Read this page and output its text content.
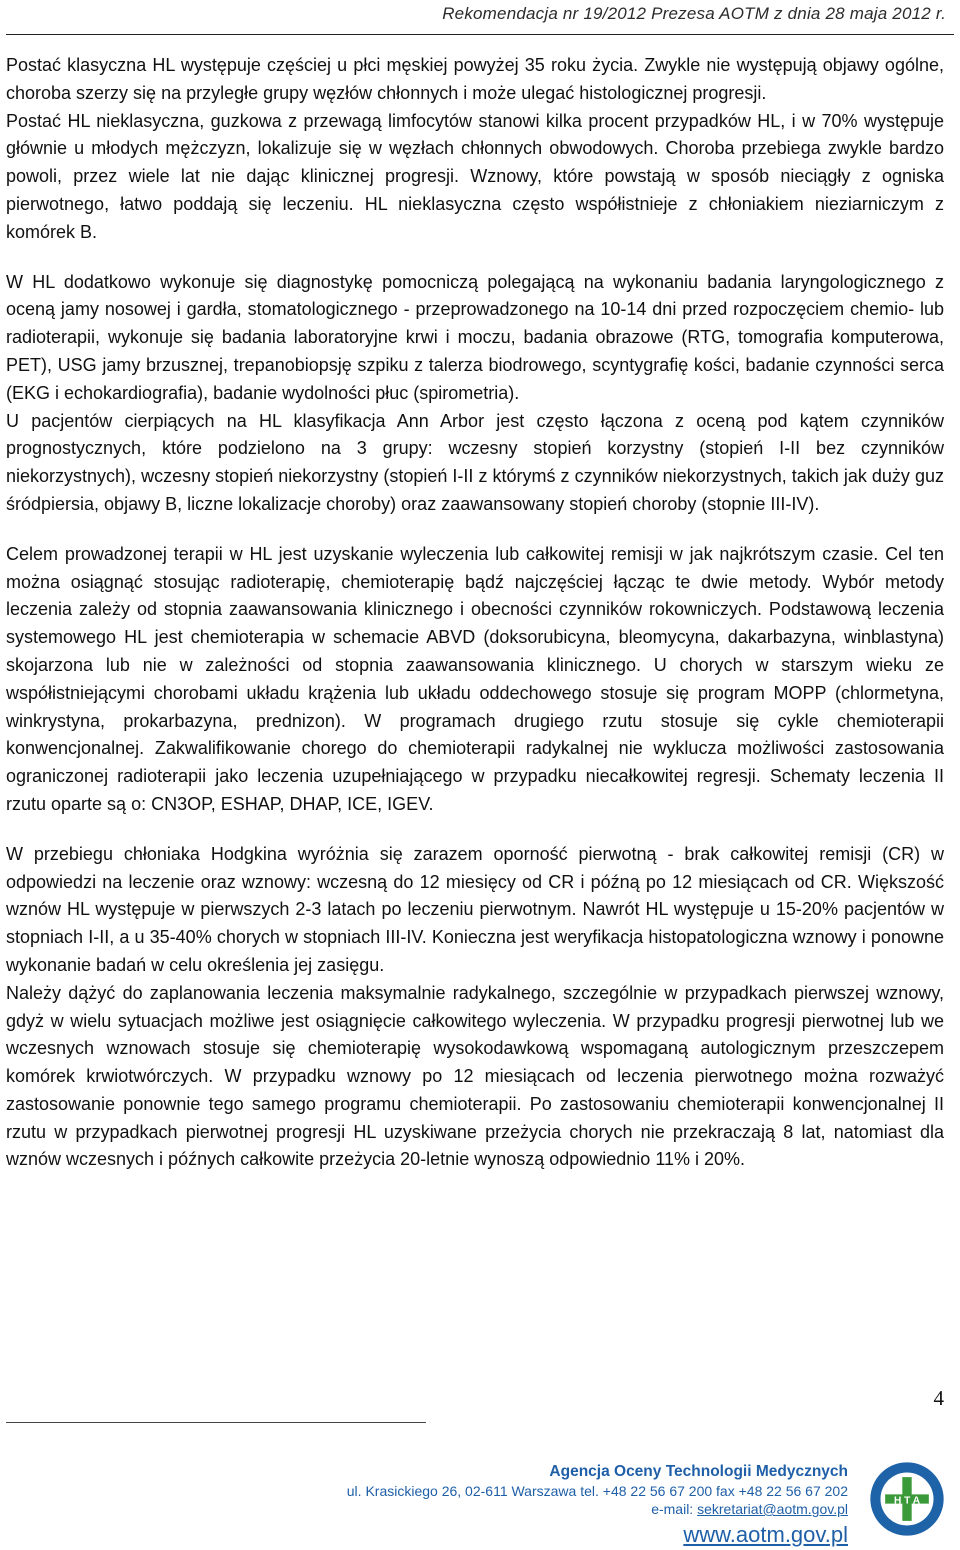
Rekomendacja nr 19/2012 Prezesa AOTM z dnia 28 maja 2012 r.

Postać klasyczna HL występuje częściej u płci męskiej powyżej 35 roku życia. Zwykle nie występują objawy ogólne, choroba szerzy się na przyległe grupy węzłów chłonnych i może ulegać histologicznej progresji.

Postać HL nieklasyczna, guzkowa z przewagą limfocytów stanowi kilka procent przypadków HL, i w 70% występuje głównie u młodych mężczyzn, lokalizuje się w węzłach chłonnych obwodowych. Choroba przebiega zwykle bardzo powoli, przez wiele lat nie dając klinicznej progresji. Wznowy, które powstają w sposób nieciągły z ogniska pierwotnego, łatwo poddają się leczeniu. HL nieklasyczna często współistnieje z chłoniakiem nieziarniczym z komórek B.

W HL dodatkowo wykonuje się diagnostykę pomocniczą polegającą na wykonaniu badania laryngologicznego z oceną jamy nosowej i gardła, stomatologicznego - przeprowadzonego na 10-14 dni przed rozpoczęciem chemio- lub radioterapii, wykonuje się badania laboratoryjne krwi i moczu, badania obrazowe (RTG, tomografia komputerowa, PET), USG jamy brzusznej, trepanobiopsję szpiku z talerza biodrowego, scyntygrafię kości, badanie czynności serca (EKG i echokardiografia), badanie wydolności płuc (spirometria).

U pacjentów cierpiących na HL klasyfikacja Ann Arbor jest często łączona z oceną pod kątem czynników prognostycznych, które podzielono na 3 grupy: wczesny stopień korzystny (stopień I-II bez czynników niekorzystnych), wczesny stopień niekorzystny (stopień I-II z którymś z czynników niekorzystnych, takich jak duży guz śródpiersia, objawy B, liczne lokalizacje choroby) oraz zaawansowany stopień choroby (stopnie III-IV).

Celem prowadzonej terapii w HL jest uzyskanie wyleczenia lub całkowitej remisji w jak najkrótszym czasie. Cel ten można osiągnąć stosując radioterapię, chemioterapię bądź najczęściej łącząc te dwie metody. Wybór metody leczenia zależy od stopnia zaawansowania klinicznego i obecności czynników rokowniczych. Podstawową leczenia systemowego HL jest chemioterapia w schemacie ABVD (doksorubicyna, bleomycyna, dakarbazyna, winblastyna) skojarzona lub nie w zależności od stopnia zaawansowania klinicznego. U chorych w starszym wieku ze współistniejącymi chorobami układu krążenia lub układu oddechowego stosuje się program MOPP (chlormetyna, winkrystyna, prokarbazyna, prednizon). W programach drugiego rzutu stosuje się cykle chemioterapii konwencjonalnej. Zakwalifikowanie chorego do chemioterapii radykalnej nie wyklucza możliwości zastosowania ograniczonej radioterapii jako leczenia uzupełniającego w przypadku niecałkowitej regresji. Schematy leczenia II rzutu oparte są o: CN3OP, ESHAP, DHAP, ICE, IGEV.

W przebiegu chłoniaka Hodgkina wyróżnia się zarazem oporność pierwotną - brak całkowitej remisji (CR) w odpowiedzi na leczenie oraz wznowy: wczesną do 12 miesięcy od CR i późną po 12 miesiącach od CR. Większość wznów HL występuje w pierwszych 2-3 latach po leczeniu pierwotnym. Nawrót HL występuje u 15-20% pacjentów w stopniach I-II, a u 35-40% chorych w stopniach III-IV. Konieczna jest weryfikacja histopatologiczna wznowy i ponowne wykonanie badań w celu określenia jej zasięgu.

Należy dążyć do zaplanowania leczenia maksymalnie radykalnego, szczególnie w przypadkach pierwszej wznowy, gdyż w wielu sytuacjach możliwe jest osiągnięcie całkowitego wyleczenia. W przypadku progresji pierwotnej lub we wczesnych wznowach stosuje się chemioterapię wysokodawkową wspomaganą autologicznym przeszczepem komórek krwiotwórczych. W przypadku wznowy po 12 miesiącach od leczenia pierwotnego można rozważyć zastosowanie ponownie tego samego programu chemioterapii. Po zastosowaniu chemioterapii konwencjonalnej II rzutu w przypadkach pierwotnej progresji HL uzyskiwane przeżycia chorych nie przekraczają 8 lat, natomiast dla wznów wczesnych i późnych całkowite przeżycia 20-letnie wynoszą odpowiednio 11% i 20%.

4
Agencja Oceny Technologii Medycznych
ul. Krasickiego 26, 02-611 Warszawa tel. +48 22 56 67 200 fax +48 22 56 67 202
e-mail: sekretariat@aotm.gov.pl
www.aotm.gov.pl
H T A
